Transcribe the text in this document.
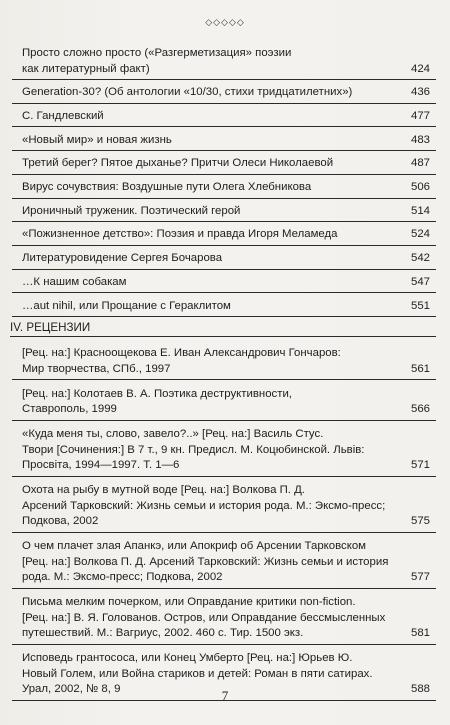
◇◇◇◇◇
Просто сложно просто («Разгерметизация» поэзии
как литературный факт)	424
Generation-30? (Об антологии «10/30, стихи тридцатилетних»)	436
С. Гандлевский	477
«Новый мир» и новая жизнь	483
Третий берег? Пятое дыханье? Притчи Олеси Николаевой	487
Вирус сочувствия: Воздушные пути Олега Хлебникова	506
Ироничный труженик. Поэтический герой	514
«Пожизненное детство»: Поэзия и правда Игоря Меламеда	524
Литературовидение Сергея Бочарова	542
…К нашим собакам	547
…aut nihil, или Прощание с Гераклитом	551
IV. РЕЦЕНЗИИ
[Рец. на:] Красноощекова Е. Иван Александрович Гончаров:
Мир творчества, СПб., 1997	561
[Рец. на:] Колотаев В. А. Поэтика деструктивности,
Ставрополь, 1999	566
«Куда меня ты, слово, завело?..» [Рец. на:] Василь Стус.
Твори [Сочинения:] В 7 т., 9 кн. Предисл. М. Коцюбинской. Львів:
Просвiта, 1994—1997. Т. 1—6	571
Охота на рыбу в мутной воде [Рец. на:] Волкова П. Д.
Арсений Тарковский: Жизнь семьи и история рода. М.: Эксмо-пресс;
Подкова, 2002	575
О чем плачет злая Апанкэ, или Апокриф об Арсении Тарковском
[Рец. на:] Волкова П. Д. Арсений Тарковский: Жизнь семьи и история
рода. М.: Эксмо-пресс; Подкова, 2002	577
Письма мелким почерком, или Оправдание критики non-fiction.
[Рец. на:] В. Я. Голованов. Остров, или Оправдание бессмысленных
путешествий. М.: Вагриус, 2002. 460 с. Тир. 1500 экз.	581
Исповедь грантососа, или Конец Умберто [Рец. на:] Юрьев Ю.
Новый Голем, или Война стариков и детей: Роман в пяти сатирах.
Урал, 2002, № 8, 9	588
7
